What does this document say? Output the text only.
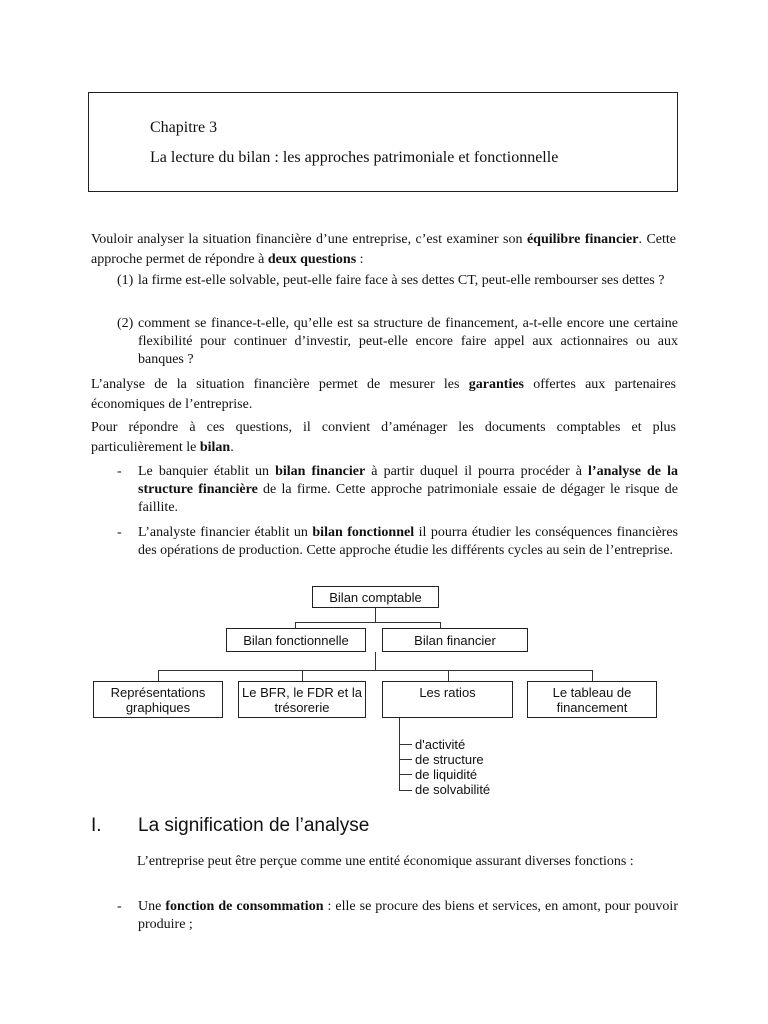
Chapitre 3
La lecture du bilan : les approches patrimoniale et fonctionnelle

Vouloir analyser la situation financière d’une entreprise, c’est examiner son équilibre financier. Cette approche permet de répondre à deux questions :

(1) la firme est-elle solvable, peut-elle faire face à ses dettes CT, peut-elle rembourser ses dettes ?
(2) comment se finance-t-elle, qu’elle est sa structure de financement, a-t-elle encore une certaine flexibilité pour continuer d’investir, peut-elle encore faire appel aux actionnaires ou aux banques ?

L’analyse de la situation financière permet de mesurer les garanties offertes aux partenaires économiques de l’entreprise.

Pour répondre à ces questions, il convient d’aménager les documents comptables et plus particulièrement le bilan.

- Le banquier établit un bilan financier à partir duquel il pourra procéder à l’analyse de la structure financière de la firme. Cette approche patrimoniale essaie de dégager le risque de faillite.
- L’analyste financier établit un bilan fonctionnel il pourra étudier les conséquences financières des opérations de production. Cette approche étudie les différents cycles au sein de l’entreprise.
Bilan comptable
Bilan fonctionnelle	Bilan financier
Représentations graphiques
Le BFR, le FDR et la trésorerie
Les ratios	Le tableau de financement
d'activité
de structure
de liquidité
de solvabilité
I. La signification de l’analyse

L’entreprise peut être perçue comme une entité économique assurant diverses fonctions :

- Une fonction de consommation : elle se procure des biens et services, en amont, pour pouvoir produire ;
